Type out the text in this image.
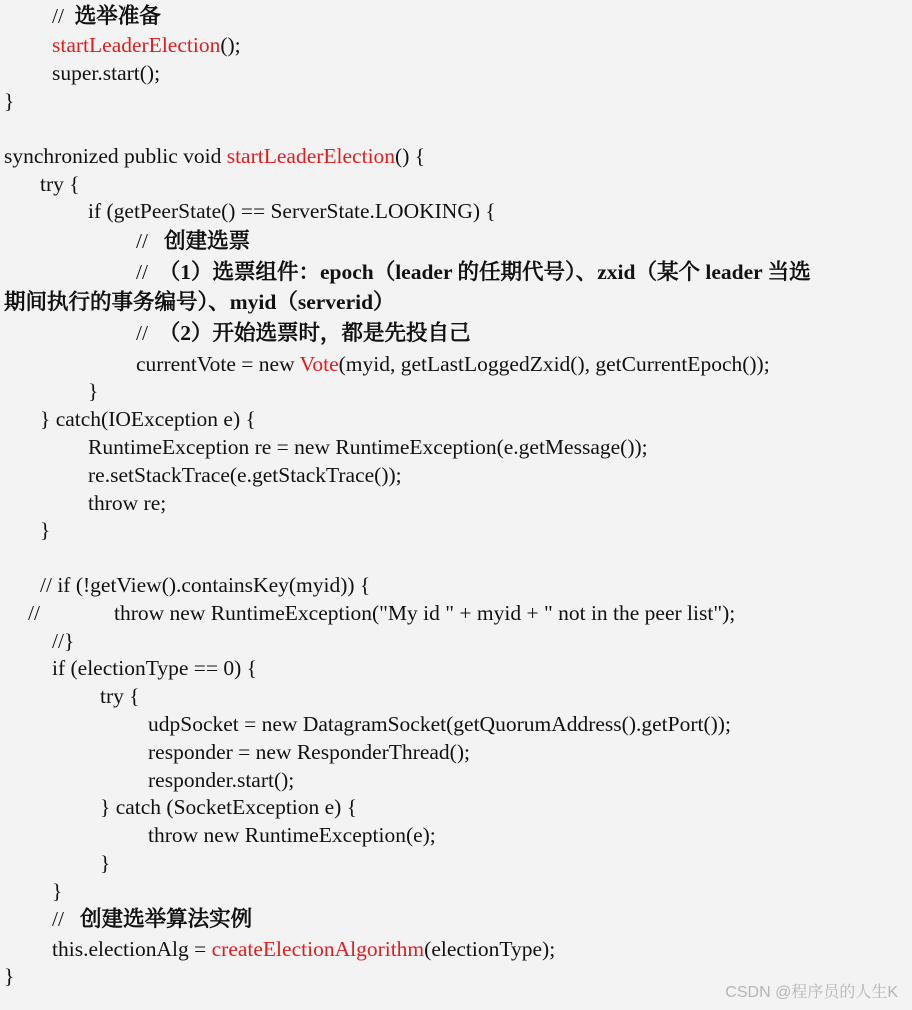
//  选举准备
startLeaderElection();
super.start();
}
synchronized public void startLeaderElection() {
try {
if (getPeerState() == ServerState.LOOKING) {
//   创建选票
//  （1）选票组件：epoch（leader 的任期代号）、zxid（某个 leader 当选
期间执行的事务编号）、myid（serverid）
//  （2）开始选票时，都是先投自己
currentVote = new Vote(myid, getLastLoggedZxid(), getCurrentEpoch());
}
} catch(IOException e) {
RuntimeException re = new RuntimeException(e.getMessage());
re.setStackTrace(e.getStackTrace());
throw re;
}
// if (!getView().containsKey(myid)) {
//	throw new RuntimeException("My id " + myid + " not in the peer list");
//}
if (electionType == 0) {
try {
udpSocket = new DatagramSocket(getQuorumAddress().getPort());
responder = new ResponderThread();
responder.start();
} catch (SocketException e) {
throw new RuntimeException(e);
}
}
//   创建选举算法实例
this.electionAlg = createElectionAlgorithm(electionType);
}
CSDN @程序员的人生K
